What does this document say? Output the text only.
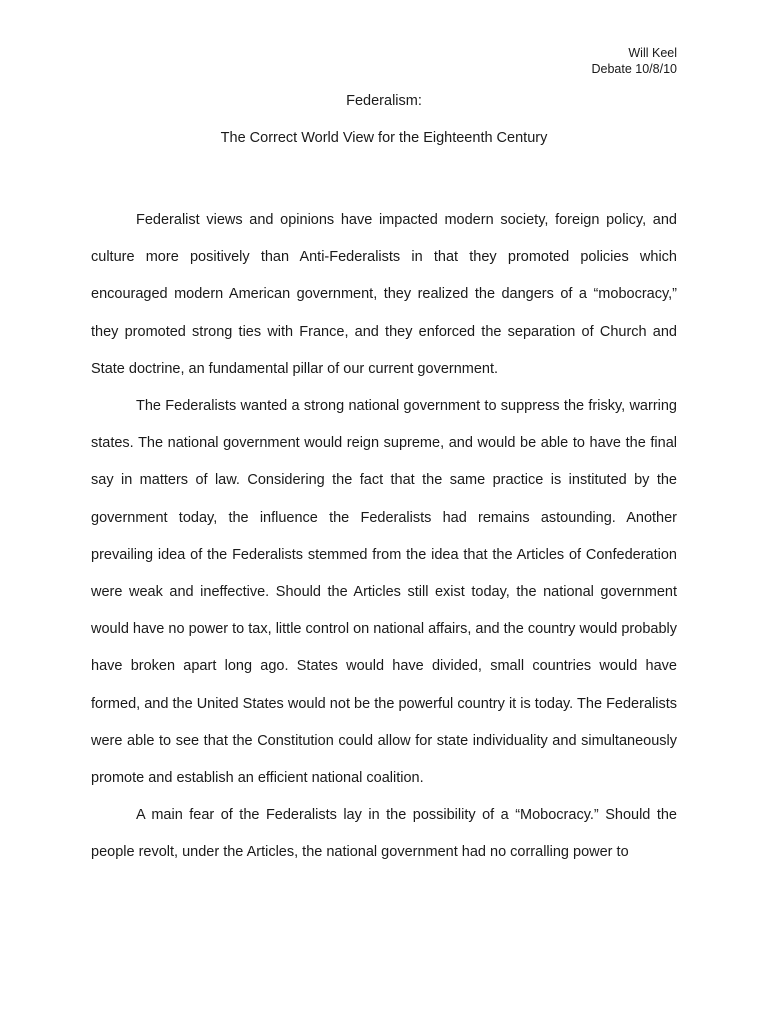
Will Keel
Debate 10/8/10
Federalism:
The Correct World View for the Eighteenth Century

Federalist views and opinions have impacted modern society, foreign policy, and culture more positively than Anti-Federalists in that they promoted policies which encouraged modern American government, they realized the dangers of a “mobocracy,” they promoted strong ties with France, and they enforced the separation of Church and State doctrine, an fundamental pillar of our current government.

The Federalists wanted a strong national government to suppress the frisky, warring states. The national government would reign supreme, and would be able to have the final say in matters of law. Considering the fact that the same practice is instituted by the government today, the influence the Federalists had remains astounding. Another prevailing idea of the Federalists stemmed from the idea that the Articles of Confederation were weak and ineffective. Should the Articles still exist today, the national government would have no power to tax, little control on national affairs, and the country would probably have broken apart long ago. States would have divided, small countries would have formed, and the United States would not be the powerful country it is today. The Federalists were able to see that the Constitution could allow for state individuality and simultaneously promote and establish an efficient national coalition.

A main fear of the Federalists lay in the possibility of a “Mobocracy.” Should the people revolt, under the Articles, the national government had no corralling power to
